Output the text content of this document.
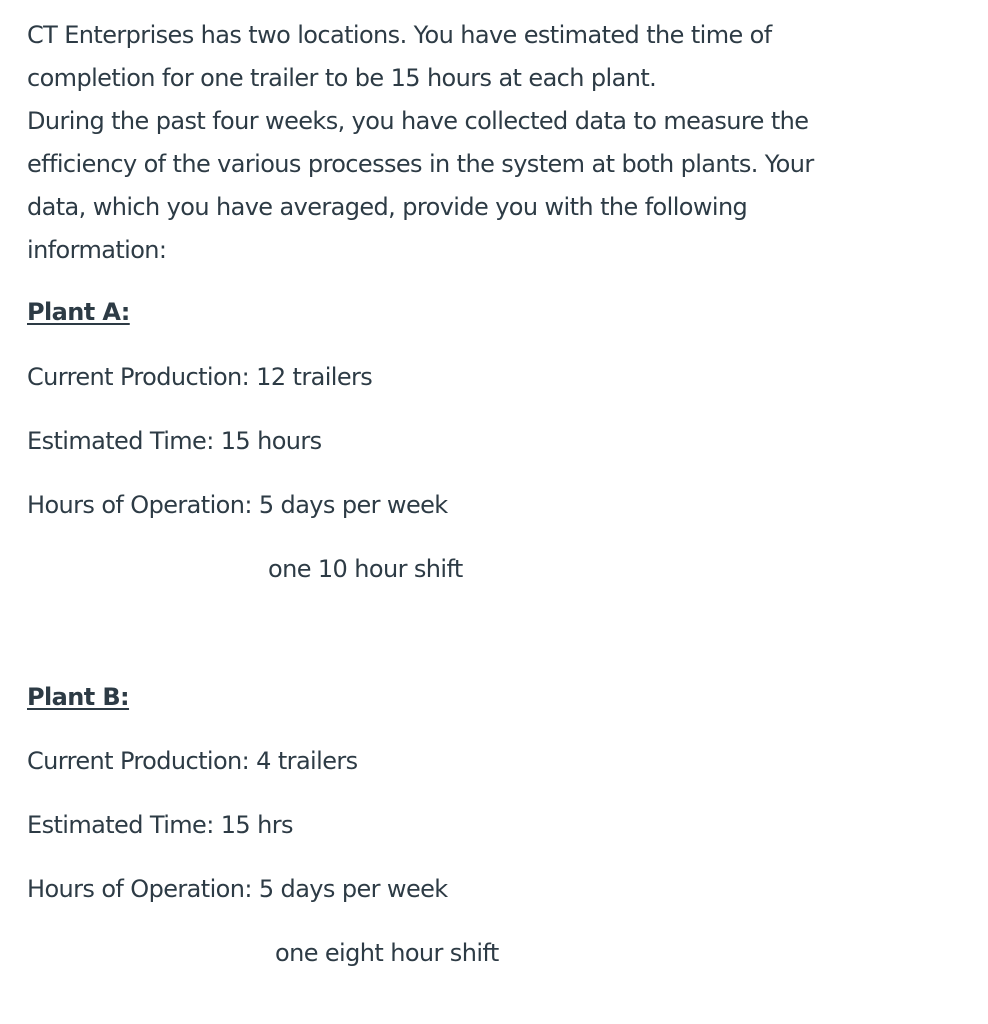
CT Enterprises has two locations. You have estimated the time of

completion for one trailer to be 15 hours at each plant.

During the past four weeks, you have collected data to measure the

efficiency of the various processes in the system at both plants. Your

data, which you have averaged, provide you with the following

information:

Plant A:

Current Production: 12 trailers

Estimated Time: 15 hours

Hours of Operation: 5 days per week

one 10 hour shift

Plant B:

Current Production: 4 trailers

Estimated Time: 15 hrs

Hours of Operation: 5 days per week

one eight hour shift
